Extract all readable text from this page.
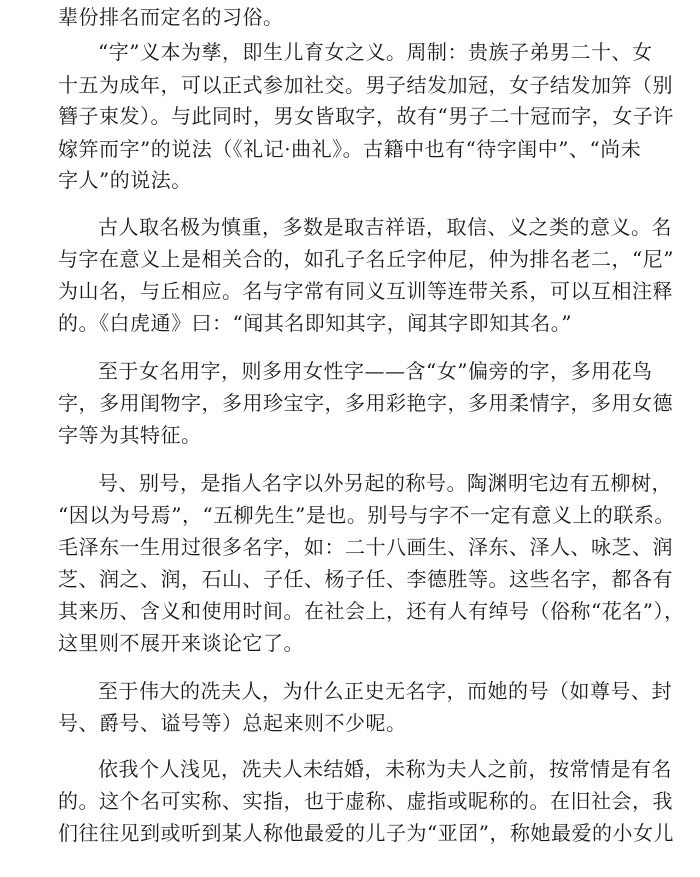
辈份排名而定名的习俗。
“字”义本为孳，即生儿育女之义。周制：贵族子弟男二十、女
十五为成年，可以正式参加社交。男子结发加冠，女子结发加笄（别
簪子束发）。与此同时，男女皆取字，故有“男子二十冠而字，女子许
嫁笄而字”的说法（《礼记·曲礼》。古籍中也有“待字闺中”、“尚未
字人”的说法。
古人取名极为慎重，多数是取吉祥语，取信、义之类的意义。名
与字在意义上是相关合的，如孔子名丘字仲尼，仲为排名老二，“尼”
为山名，与丘相应。名与字常有同义互训等连带关系，可以互相注释
的。《白虎通》曰：“闻其名即知其字，闻其字即知其名。”
至于女名用字，则多用女性字——含“女”偏旁的字，多用花鸟
字，多用闺物字，多用珍宝字，多用彩艳字，多用柔情字，多用女德
字等为其特征。
号、别号，是指人名字以外另起的称号。陶渊明宅边有五柳树，
“因以为号焉”，“五柳先生”是也。别号与字不一定有意义上的联系。
毛泽东一生用过很多名字，如：二十八画生、泽东、泽人、咏芝、润
芝、润之、润，石山、子任、杨子任、李德胜等。这些名字，都各有
其来历、含义和使用时间。在社会上，还有人有绰号（俗称“花名”），
这里则不展开来谈论它了。
至于伟大的冼夫人，为什么正史无名字，而她的号（如尊号、封
号、爵号、谥号等）总起来则不少呢。
依我个人浅见，冼夫人未结婚，未称为夫人之前，按常情是有名
的。这个名可实称、实指，也于虚称、虚指或昵称的。在旧社会，我
们往往见到或听到某人称他最爱的儿子为“亚囝”，称她最爱的小女儿
